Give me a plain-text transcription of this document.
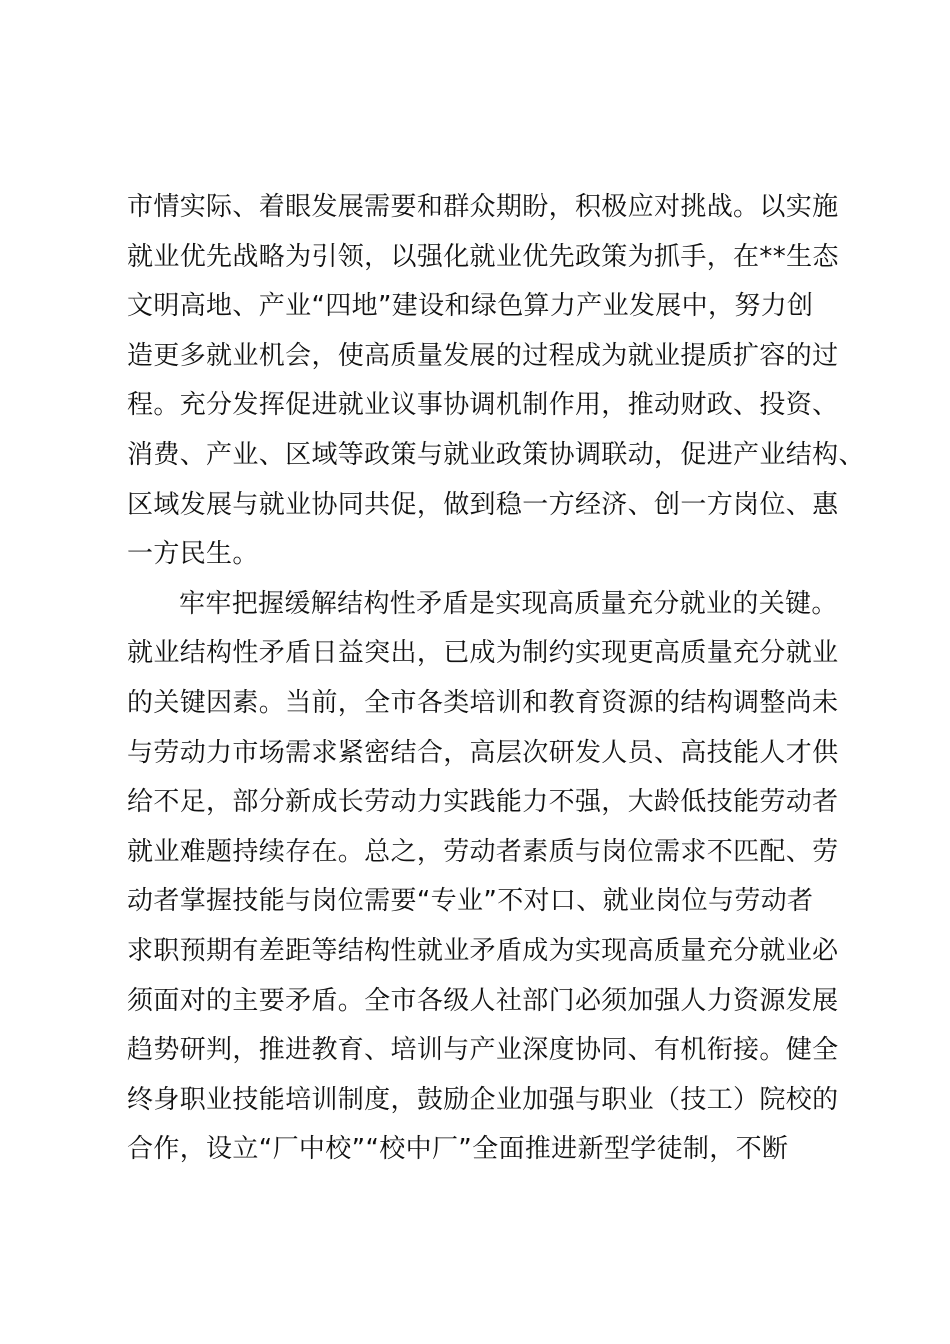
市情实际、着眼发展需要和群众期盼，积极应对挑战。以实施
就业优先战略为引领，以强化就业优先政策为抓手，在**生态
文明高地、产业“四地”建设和绿色算力产业发展中，努力创
造更多就业机会，使高质量发展的过程成为就业提质扩容的过
程。充分发挥促进就业议事协调机制作用，推动财政、投资、
消费、产业、区域等政策与就业政策协调联动，促进产业结构、
区域发展与就业协同共促，做到稳一方经济、创一方岗位、惠
一方民生。
牢牢把握缓解结构性矛盾是实现高质量充分就业的关键。
就业结构性矛盾日益突出，已成为制约实现更高质量充分就业
的关键因素。当前，全市各类培训和教育资源的结构调整尚未
与劳动力市场需求紧密结合，高层次研发人员、高技能人才供
给不足，部分新成长劳动力实践能力不强，大龄低技能劳动者
就业难题持续存在。总之，劳动者素质与岗位需求不匹配、劳
动者掌握技能与岗位需要“专业”不对口、就业岗位与劳动者
求职预期有差距等结构性就业矛盾成为实现高质量充分就业必
须面对的主要矛盾。全市各级人社部门必须加强人力资源发展
趋势研判，推进教育、培训与产业深度协同、有机衔接。健全
终身职业技能培训制度，鼓励企业加强与职业（技工）院校的
合作，设立“厂中校”“校中厂”全面推进新型学徒制，不断
